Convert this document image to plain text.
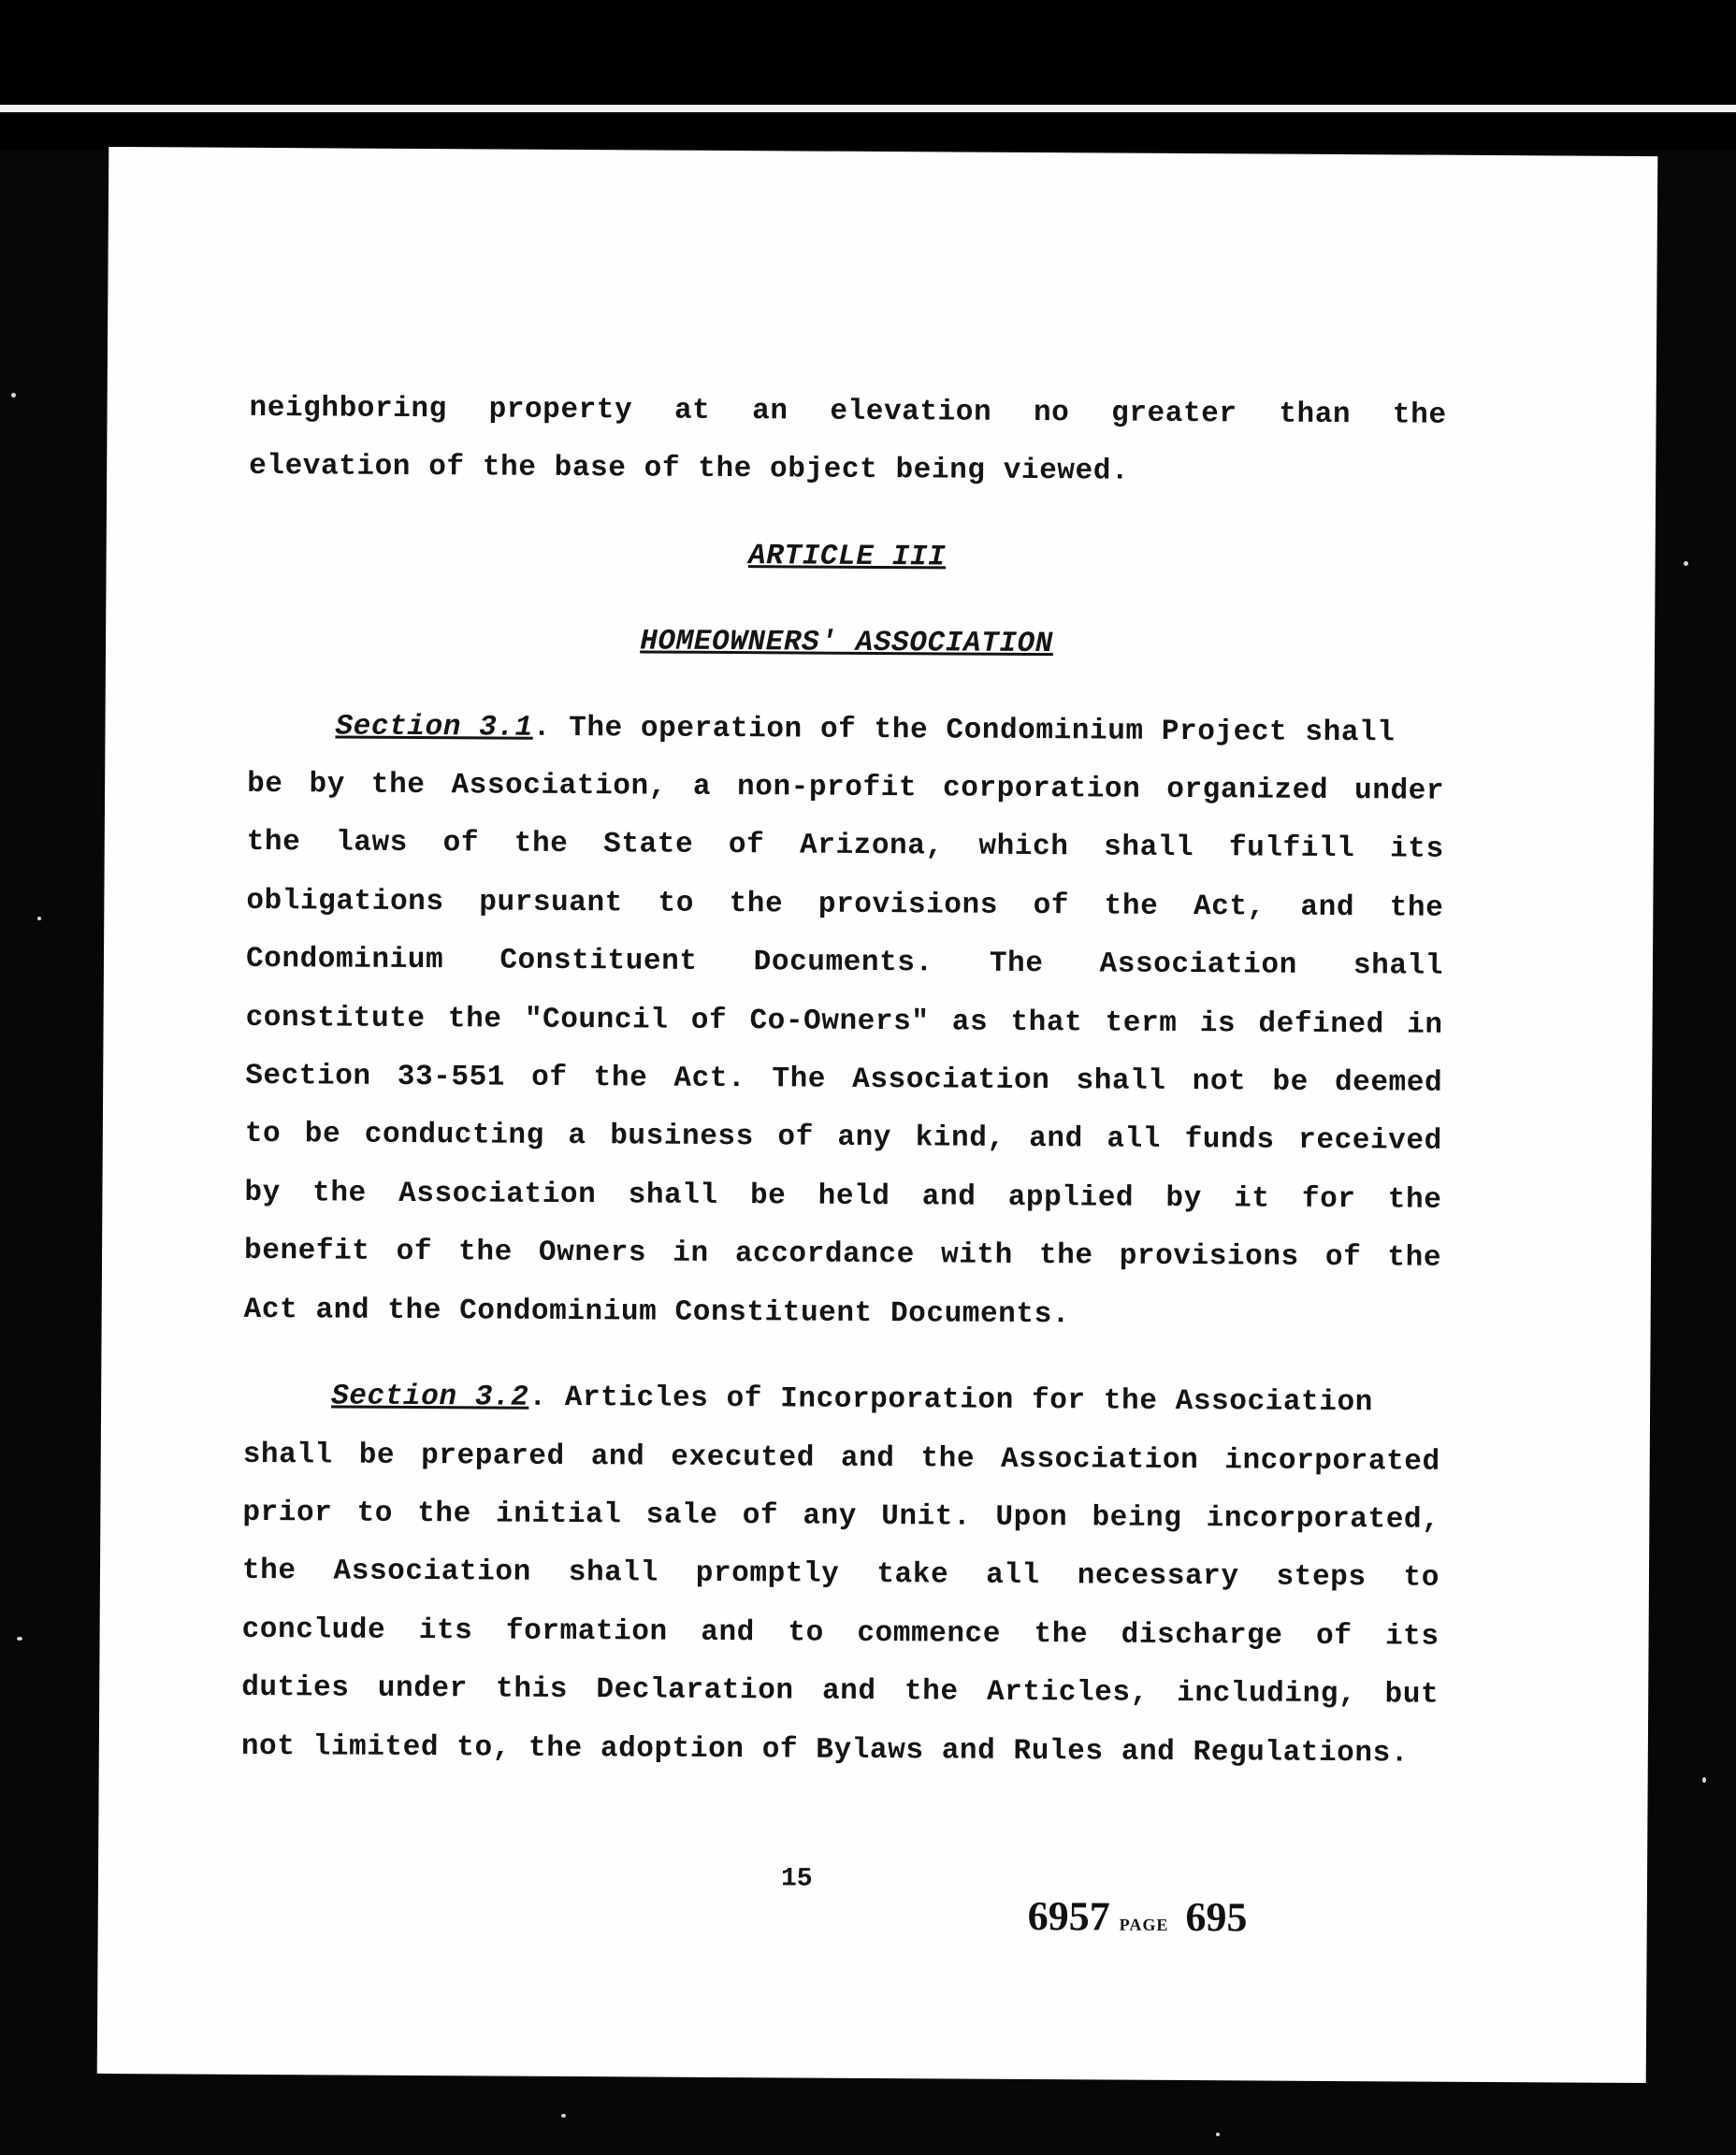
neighboring property at an elevation no greater than the
elevation of the base of the object being viewed.
ARTICLE III
HOMEOWNERS' ASSOCIATION
Section 3.1. The operation of the Condominium Project shall
be by the Association, a non-profit corporation organized under
the laws of the State of Arizona, which shall fulfill its
obligations pursuant to the provisions of the Act, and the
Condominium Constituent Documents. The Association shall
constitute the "Council of Co-Owners" as that term is defined in
Section 33-551 of the Act. The Association shall not be deemed
to be conducting a business of any kind, and all funds received
by the Association shall be held and applied by it for the
benefit of the Owners in accordance with the provisions of the
Act and the Condominium Constituent Documents.
Section 3.2. Articles of Incorporation for the Association
shall be prepared and executed and the Association incorporated
prior to the initial sale of any Unit. Upon being incorporated,
the Association shall promptly take all necessary steps to
conclude its formation and to commence the discharge of its
duties under this Declaration and the Articles, including, but
not limited to, the adoption of Bylaws and Rules and Regulations.
15
6957 PAGE 695
